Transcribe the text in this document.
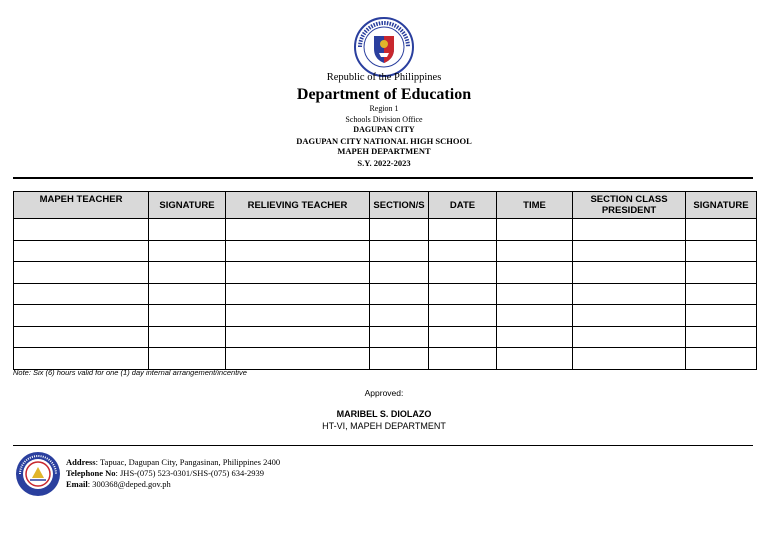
Republic of the Philippines
Department of Education
Region 1
Schools Division Office
DAGUPAN CITY
DAGUPAN CITY NATIONAL HIGH SCHOOL
MAPEH DEPARTMENT
S.Y. 2022-2023
MAPEH TEACHER	SIGNATURE	RELIEVING TEACHER	SECTION/S	DATE	TIME	SECTION CLASS PRESIDENT	SIGNATURE

Note: Six (6) hours valid for one (1) day internal arrangement/incentive
Approved:
MARIBEL S. DIOLAZO
HT-VI, MAPEH DEPARTMENT
Address: Tapuac, Dagupan City, Pangasinan, Philippines 2400
Telephone No: JHS-(075) 523-0301/SHS-(075) 634-2939
Email: 300368@deped.gov.ph
